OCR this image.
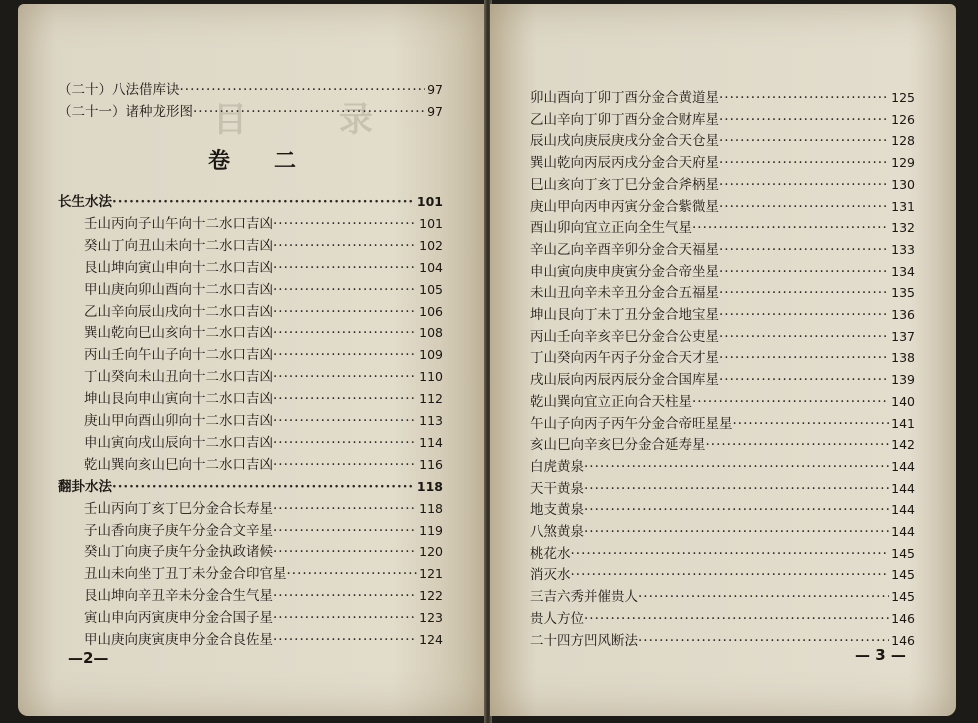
目 录
（二十）八法借库诀 ·····	97
（二十一）诸种龙形图 ·····	97
卷 二
长生水法 ·····	101
壬山丙向子山午向十二水口吉凶 ·····	101
癸山丁向丑山未向十二水口吉凶 ·····	102
艮山坤向寅山申向十二水口吉凶 ·····	104
甲山庚向卯山酉向十二水口吉凶 ·····	105
乙山辛向辰山戌向十二水口吉凶 ·····	106
巽山乾向巳山亥向十二水口吉凶 ·····	108
丙山壬向午山子向十二水口吉凶 ·····	109
丁山癸向未山丑向十二水口吉凶 ·····	110
坤山艮向申山寅向十二水口吉凶 ·····	112
庚山甲向酉山卯向十二水口吉凶 ·····	113
申山寅向戌山辰向十二水口吉凶 ·····	114
乾山巽向亥山巳向十二水口吉凶 ·····	116
翻卦水法 ·····	118
壬山丙向丁亥丁巳分金合长寿星 ·····	118
子山香向庚子庚午分金合文辛星 ·····	119
癸山丁向庚子庚午分金执政诸候 ·····	120
丑山未向坐丁丑丁未分金合印官星 ·····	121
艮山坤向辛丑辛未分金合生气星 ·····	122
寅山申向丙寅庚申分金合国子星 ·····	123
甲山庚向庚寅庚申分金合良佐星 ·····	124
—2—
卯山酉向丁卯丁酉分金合黄道星 ·····	125
乙山辛向丁卯丁酉分金合财库星 ·····	126
辰山戌向庚辰庚戌分金合天仓星 ·····	128
巽山乾向丙辰丙戌分金合天府星 ·····	129
巳山亥向丁亥丁巳分金合斧柄星 ·····	130
庚山甲向丙申丙寅分金合紫微星 ·····	131
酉山卯向宜立正向全生气星 ·····	132
辛山乙向辛酉辛卯分金合天福星 ·····	133
申山寅向庚申庚寅分金合帝坐星 ·····	134
未山丑向辛未辛丑分金合五福星 ·····	135
坤山艮向丁未丁丑分金合地宝星 ·····	136
丙山壬向辛亥辛巳分金合公吏星 ·····	137
丁山癸向丙午丙子分金合天才星 ·····	138
戌山辰向丙辰丙辰分金合国库星 ·····	139
乾山巽向宜立正向合天柱星 ·····	140
午山子向丙子丙午分金合帝旺星星 ·····	141
亥山巳向辛亥巳分金合延寿星 ·····	142
白虎黄泉 ·····	144
天干黄泉 ·····	144
地支黄泉 ·····	144
八煞黄泉 ·····	144
桃花水 ·····	145
消灭水 ·····	145
三吉六秀并催贵人 ·····	145
贵人方位 ·····	146
二十四方凹风断法 ·····	146
— 3 —
